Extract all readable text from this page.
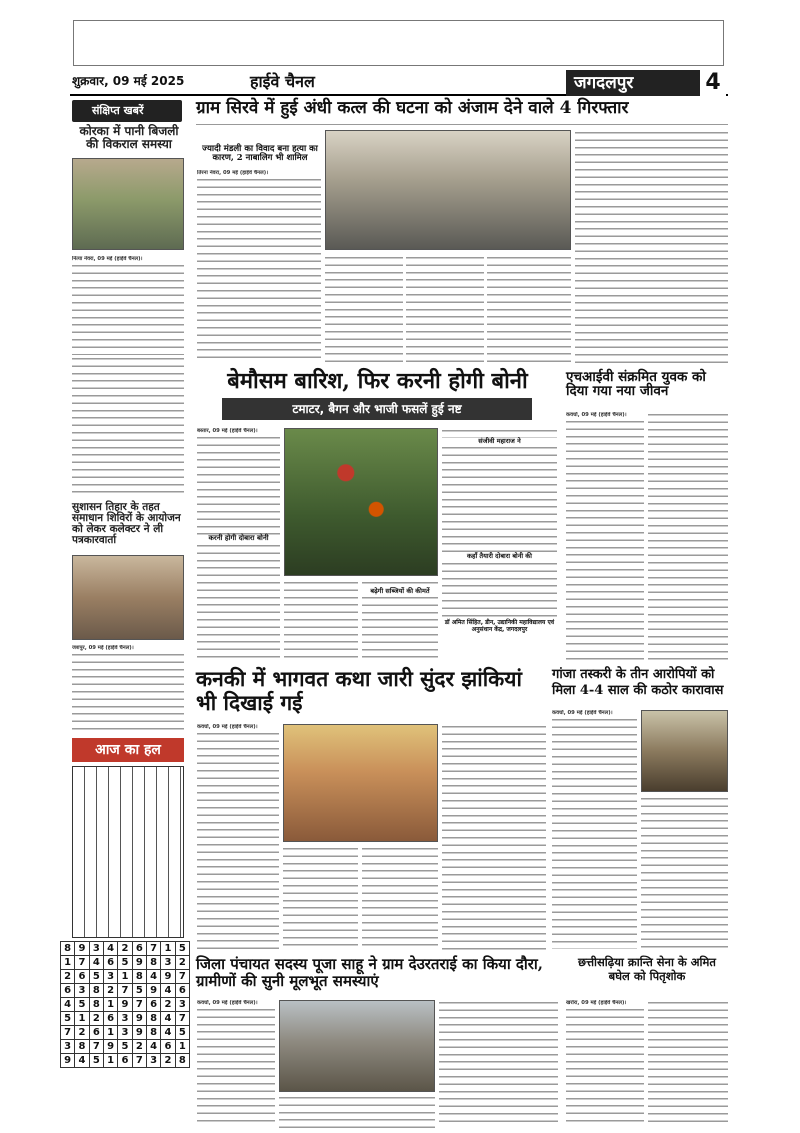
शुक्रवार, 09 मई 2025	हाईवे चैनल	जगदलपुर	4
संक्षिप्त खबरें
कोरका में पानी बिजली की विकराल समस्या
नित्या नेवरा, 09 मई (हाईवे चैनल)।
सुशासन तिहार के तहत समाधान शिविरों के आयोजन को लेकर कलेक्टर ने ली पत्रकारवार्ता
जशपुर, 09 मई (हाईवे चैनल)।
आज का हल
8	9	3	4	2	6	7	1	5
1	7	4	6	5	9	8	3	2
2	6	5	3	1	8	4	9	7
6	3	8	2	7	5	9	4	6
4	5	8	1	9	7	6	2	3
5	1	2	6	3	9	8	4	7
7	2	6	1	3	9	8	4	5
3	8	7	9	5	2	4	6	1
9	4	5	1	6	7	3	2	8
ग्राम सिरवे में हुई अंधी कत्ल की घटना को अंजाम देने वाले 4 गिरफ्तार
ज्यादी मंडली का विवाद बना हत्या का कारण, 2 नाबालिग भी शामिल
तिरना नेवरा, 09 मई (हाईवे चैनल)।
बेमौसम बारिश, फिर करनी होगी बोनी
टमाटर, बैगन और भाजी फसलें हुई नष्ट
बस्तार, 09 मई (हाईवे चैनल)।
करनी होगी दोबारा बोनी
बढ़ेगी सब्जियों की कीमतें
संजीवी महाराज ने
कहाँ तैयारी दोबारा बोनी की
डॉ अमित सिंहित, डीन, उद्यानिकी महाविद्यालय एवं अनुसंधान केंद्र, जगदलपुर
एचआईवी संक्रमित युवक को दिया गया नया जीवन
कवर्धा, 09 मई (हाईवे चैनल)।
कनकी में भागवत कथा जारी सुंदर झांकियां भी दिखाई गई
कवर्धा, 09 मई (हाईवे चैनल)।
गांजा तस्करी के तीन आरोपियों को मिला 4-4 साल की कठोर कारावास
कवर्धा, 09 मई (हाईवे चैनल)।
जिला पंचायत सदस्य पूजा साहू ने ग्राम देउरतराई का किया दौरा, ग्रामीणों की सुनी मूलभूत समस्याएं
कवर्धा, 09 मई (हाईवे चैनल)।
छत्तीसढ़िया क्रान्ति सेना के अमित बघेल को पितृशोक
खरोरा, 09 मई (हाईवे चैनल)।
